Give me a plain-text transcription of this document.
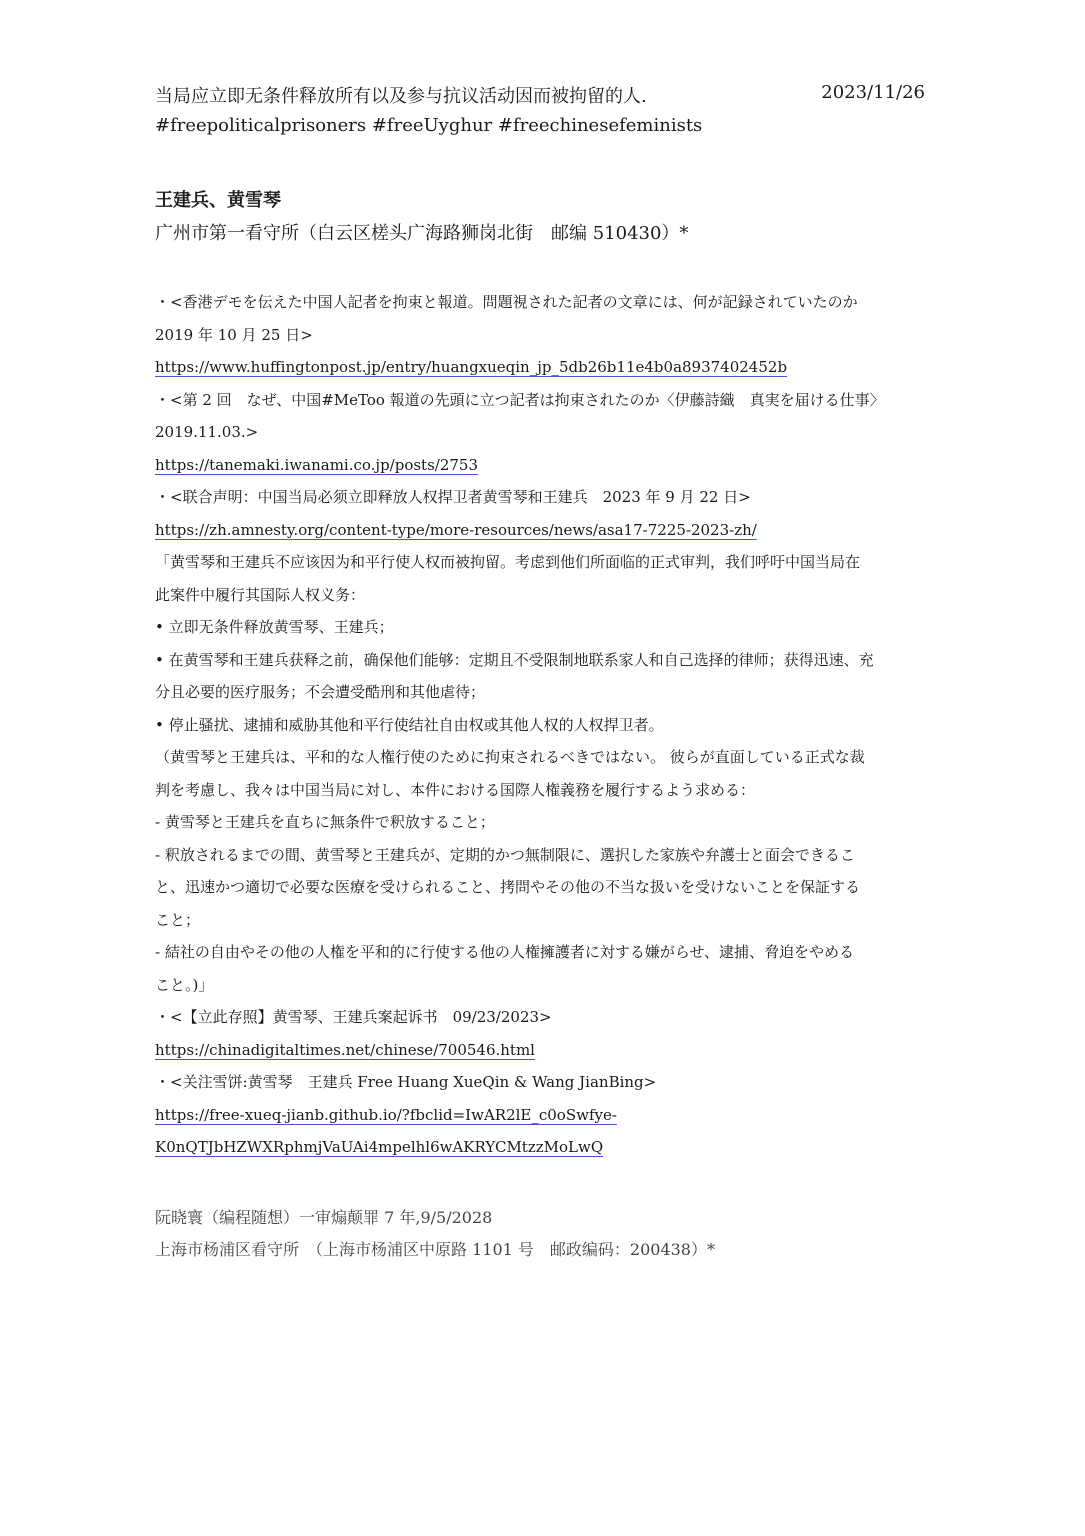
当局应立即无条件释放所有以及参与抗议活动因而被拘留的人.	2023/11/26
#freepoliticalprisoners #freeUyghur #freechinesefeminists
王建兵、黄雪琴
广州市第一看守所（白云区槎头广海路狮岗北街　邮编 510430）*
・<香港デモを伝えた中国人記者を拘束と報道。問題視された記者の文章には、何が記録されていたのか
2019 年 10 月 25 日>
https://www.huffingtonpost.jp/entry/huangxueqin_jp_5db26b11e4b0a8937402452b
・<第 2 回　なぜ、中国#MeToo 報道の先頭に立つ記者は拘束されたのか〈伊藤詩織　真実を届ける仕事〉
2019.11.03.>
https://tanemaki.iwanami.co.jp/posts/2753
・<联合声明：中国当局必须立即释放人权捍卫者黄雪琴和王建兵　2023 年 9 月 22 日>
https://zh.amnesty.org/content-type/more-resources/news/asa17-7225-2023-zh/
「黄雪琴和王建兵不应该因为和平行使人权而被拘留。考虑到他们所面临的正式审判，我们呼吁中国当局在
此案件中履行其国际人权义务：
• 立即无条件释放黄雪琴、王建兵；
• 在黄雪琴和王建兵获释之前，确保他们能够：定期且不受限制地联系家人和自己选择的律师；获得迅速、充
分且必要的医疗服务；不会遭受酷刑和其他虐待；
• 停止骚扰、逮捕和威胁其他和平行使结社自由权或其他人权的人权捍卫者。
（黄雪琴と王建兵は、平和的な人権行使のために拘束されるべきではない。 彼らが直面している正式な裁
判を考慮し、我々は中国当局に対し、本件における国際人権義務を履行するよう求める：
- 黄雪琴と王建兵を直ちに無条件で釈放すること；
- 釈放されるまでの間、黄雪琴と王建兵が、定期的かつ無制限に、選択した家族や弁護士と面会できるこ
と、迅速かつ適切で必要な医療を受けられること、拷問やその他の不当な扱いを受けないことを保証する
こと；
- 結社の自由やその他の人権を平和的に行使する他の人権擁護者に対する嫌がらせ、逮捕、脅迫をやめる
こと。)」
・<【立此存照】黄雪琴、王建兵案起诉书　09/23/2023>
https://chinadigitaltimes.net/chinese/700546.html
・<关注雪饼:黄雪琴　王建兵 Free Huang XueQin & Wang JianBing>
https://free-xueq-jianb.github.io/?fbclid=IwAR2lE_c0oSwfye-
K0nQTJbHZWXRphmjVaUAi4mpelhl6wAKRYCMtzzMoLwQ
阮晓寰（编程随想）一审煽颠罪 7 年,9/5/2028
上海市杨浦区看守所　（上海市杨浦区中原路 1101 号　邮政编码：200438）*
